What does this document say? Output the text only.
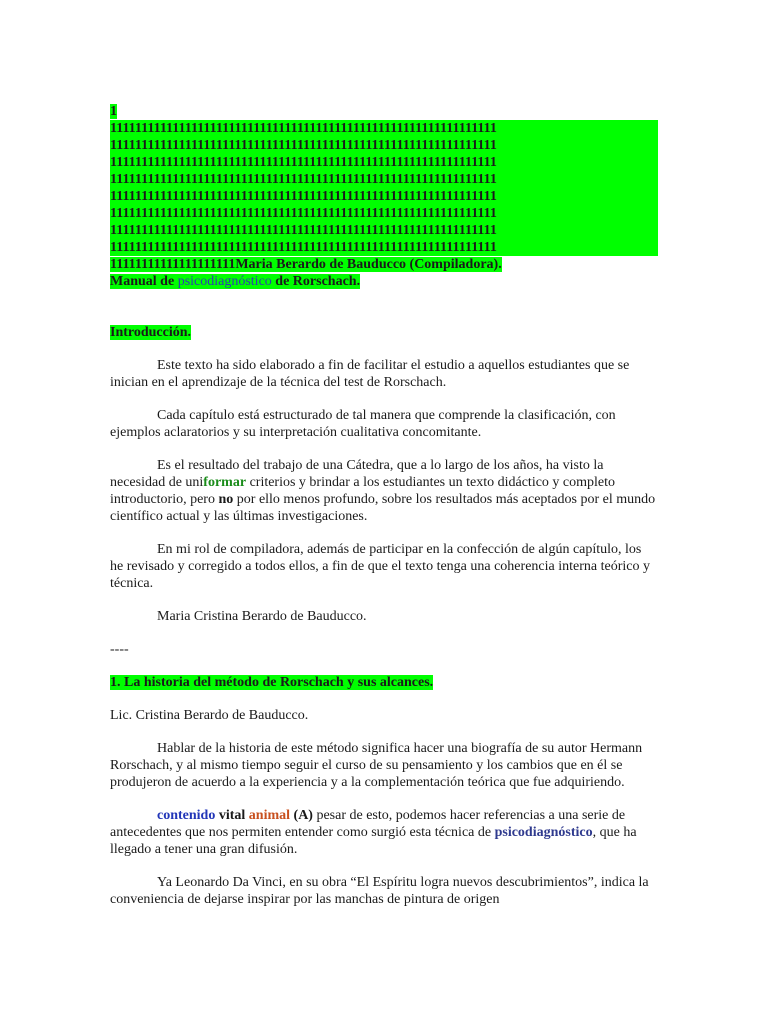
1
11111111111111111111111111111111111111111111111111111111111111
11111111111111111111111111111111111111111111111111111111111111
11111111111111111111111111111111111111111111111111111111111111
11111111111111111111111111111111111111111111111111111111111111
11111111111111111111111111111111111111111111111111111111111111
11111111111111111111111111111111111111111111111111111111111111
11111111111111111111111111111111111111111111111111111111111111
11111111111111111111111111111111111111111111111111111111111111
11111111111111111111Maria Berardo de Bauducco (Compiladora).
Manual de psicodiagnóstico de Rorschach.
Introducción.

Este texto ha sido elaborado a fin de facilitar el estudio a aquellos estudiantes que se inician en el aprendizaje de la técnica del test de Rorschach.

Cada capítulo está estructurado de tal manera que comprende la clasificación, con ejemplos aclaratorios y su interpretación cualitativa concomitante.

Es el resultado del trabajo de una Cátedra, que a lo largo de los años, ha visto la necesidad de uniformar criterios y brindar a los estudiantes un texto didáctico y completo introductorio, pero no por ello menos profundo, sobre los resultados más aceptados por el mundo científico actual y las últimas investigaciones.

En mi rol de compiladora, además de participar en la confección de algún capítulo, los he revisado y corregido a todos ellos, a fin de que el texto tenga una coherencia interna teórico y técnica.

Maria Cristina Berardo de Bauducco.

----

1. La historia del método de Rorschach y sus alcances.

Lic. Cristina Berardo de Bauducco.

Hablar de la historia de este método significa hacer una biografía de su autor Hermann Rorschach, y al mismo tiempo seguir el curso de su pensamiento y los cambios que en él se produjeron de acuerdo a la experiencia y a la complementación teórica que fue adquiriendo.

contenido vital animal (A) pesar de esto, podemos hacer referencias a una serie de antecedentes que nos permiten entender como surgió esta técnica de psicodiagnóstico, que ha llegado a tener una gran difusión.

Ya Leonardo Da Vinci, en su obra “El Espíritu logra nuevos descubrimientos”, indica la conveniencia de dejarse inspirar por las manchas de pintura de origen
